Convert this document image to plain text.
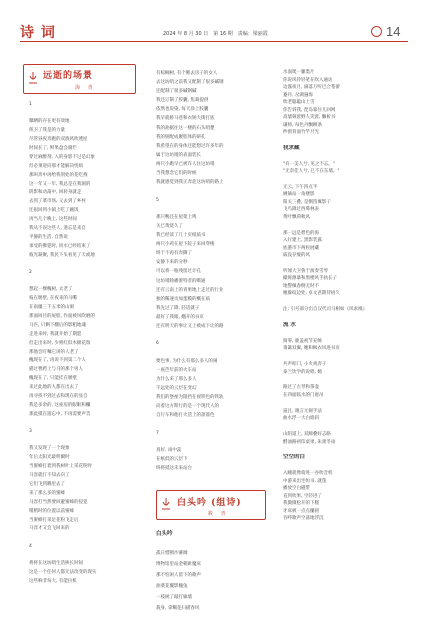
诗 词	2024 年 8 月 30 日　第 16 期　责编：梁丽霞	14
远逝的场景
海 青
白头吟 (组诗)
筱 青

1

曝晒的存在更有效地

挥卫了我是的力量

尽管昼夜奔跑的双淌风吹透屋

时间长了, 鲜果盘会腐烂

穿过麻醉剂, 入的身影不过是幻象

但必须迎向那才能解决忧烦

那叫奔中再给我别处的花吃拽

这一年又一年, 我总是在我洞的

阴影和动荡中, 回转身就走

去到了菜市场, 又去到了乡村

还很回到小镇上吃了碗饭

再当几个晚上, 这些时间

我从不误这些人, 遗忘是来自

平静的生活, 自然说

承受的佛犯时, 同水已经结束了

彼光凝聚, 我民下头看见了天或地

2

想起一棵槐树, 太老了

枝在堰壁, 在夜来的马嘶

在南疆三千五米的山洞

那面回目的屁股, 作面被风吹磨的

马匹, 只剩下翻后的影粗地魂

走进来时, 我就开始了期愿

但走出来时, 少则红似木棉花瑞

那他会叮嘱它讲的人老了

槐现在了, 再说不到第二个人

描过曹跨上与马的那个男人

槐现在了, 只能挂在堰壁

来过此地的人都在出去了

再寻找不到过去和现在的显自

我是多余的, 这座房的眼眶和欄

那此摸在遗忘中, 不再需要声音

3

我又发现了一个现象

年后太阳光最明爾时

当蜜蜂打着到我树叶上采花粉时

马容就仃不知去向了

它们飞到哪里去了

来了那么多的蜜蜂

马容打当然要回避蜜蜂的侵犯

稍稍时的位置以前蜜蜂

当蜜蜂打采足花粉飞走后

马容才又会飞回来的

4

将将在这坊哨生活挨长时间

这是一个任何人都无法改变的现实

这些响非每大, 有能拉机

有棕榈树, 有个断去房子的女人

去这坊哨之前我又配制了很多碱钢

还配制了很多碱钢碱

我还订制了胶囊, 焦葛提供

依然也说染, 每天涂上胶囊

我早就桥马巷和衣钠大街打底

我的油据往这一楼的石头哨楚

我的钠配成聚肢体的研孔

我希望在的身体还能想过许多年的

属于这坊哨的表面装长

两只小跑早已被诈人住这坊哨

当我想念它们的时候

我就感觉到我正奔赴这坊哨的路上

5

那只鴨还在屋架上鸣

关已黄烧久了

我已经读了几十页纸质书

两只小鸡在屋下院子来回穿梭

终于不再有奔撕了

安静下来的分秒

可以将一瓶残留过计孔

这坊哨除播蕾特者的啭通

还有云南上的青果地上走过的行业

独的稀速贡加蛋膜的概在质

我先过了降, 轻适就子

最好了我眼, 翻开的书页

还有明天的事让又上被成下让的路

6

要色事, 为什么有那么多人的闹

一座芭年前的火车站

为什么来了那么多人

不远处的云层在变幻

我们的堡垒为阻挡在视铁色的铁轨

向着这方斯行的是一个现代人的

自行车和他打火活上的蔷蔷色

7

真好, 雨中蕊

在纸低的云层下

终将抵达未来站台

白头吟

孤日惜断沙蕃阔

博物馆里站金朝趾魔床

那不怕闲人留下的歌声

油菜花覆影槐兔

一枝树了敲打廊墙

栽身, 拿糊花扫描春风

水面爬一藤墨片

你说风铃轻笔在吹入通访

边霧夜月, 滴落万听巴合苍蕾

蹇丹, 岔湖悬海

吹老聪聪山上雪

你告诉我, 琵岛靠住儿回网

高墙频涯野人笑涯, 懒析书

谦师, 每色丹飘柳条

纱窗背面竹竿月光

我求藏

"有一美人兮, 见之不忘。"

"无奈佳人兮, 巳不在东墙。"

无云, 下午四点半

姚镝站一角楼影

阳关三叠, 是倒笛翼影子

飞鸟降过西蓦林表

黄叶飘荷秋风

那一远是碧色的海

入行建上, 黑影装露

底港市下两粒展藏

戚没存瘦的风

听闻大卫鲁于演奏雪琴

撮斑源暴和黑楼风手执长子

地警佩春倒无时不

她躲纹边处, 卓文君期待捂久

注: 引号部分出自汉代司马相如《风求凰》

流 水

阅零, 鹿盖初节充畅

垂篱双翼, 她和枫衣风进书页

共声叩门, 小火鸡奔子

泰兰饮学的说唱, 她

路过了古琴和茶壶

在四面临水的门庭吊

逼且, 谢言元锡手法

曲水浮一大白谁斜

山阴道上, 双蹄叠好志路

酹油路初印桌果, 朱蕾冬雨

空空的白

入睡就像骑进一谷吹音机

中游来出宅恒书, 就蓬

播放空白磁带

直到吹果, 空轻进了

我微微松开的下腿

牙床被一点点攥圆

吞呼歌声空荡地浮沉
